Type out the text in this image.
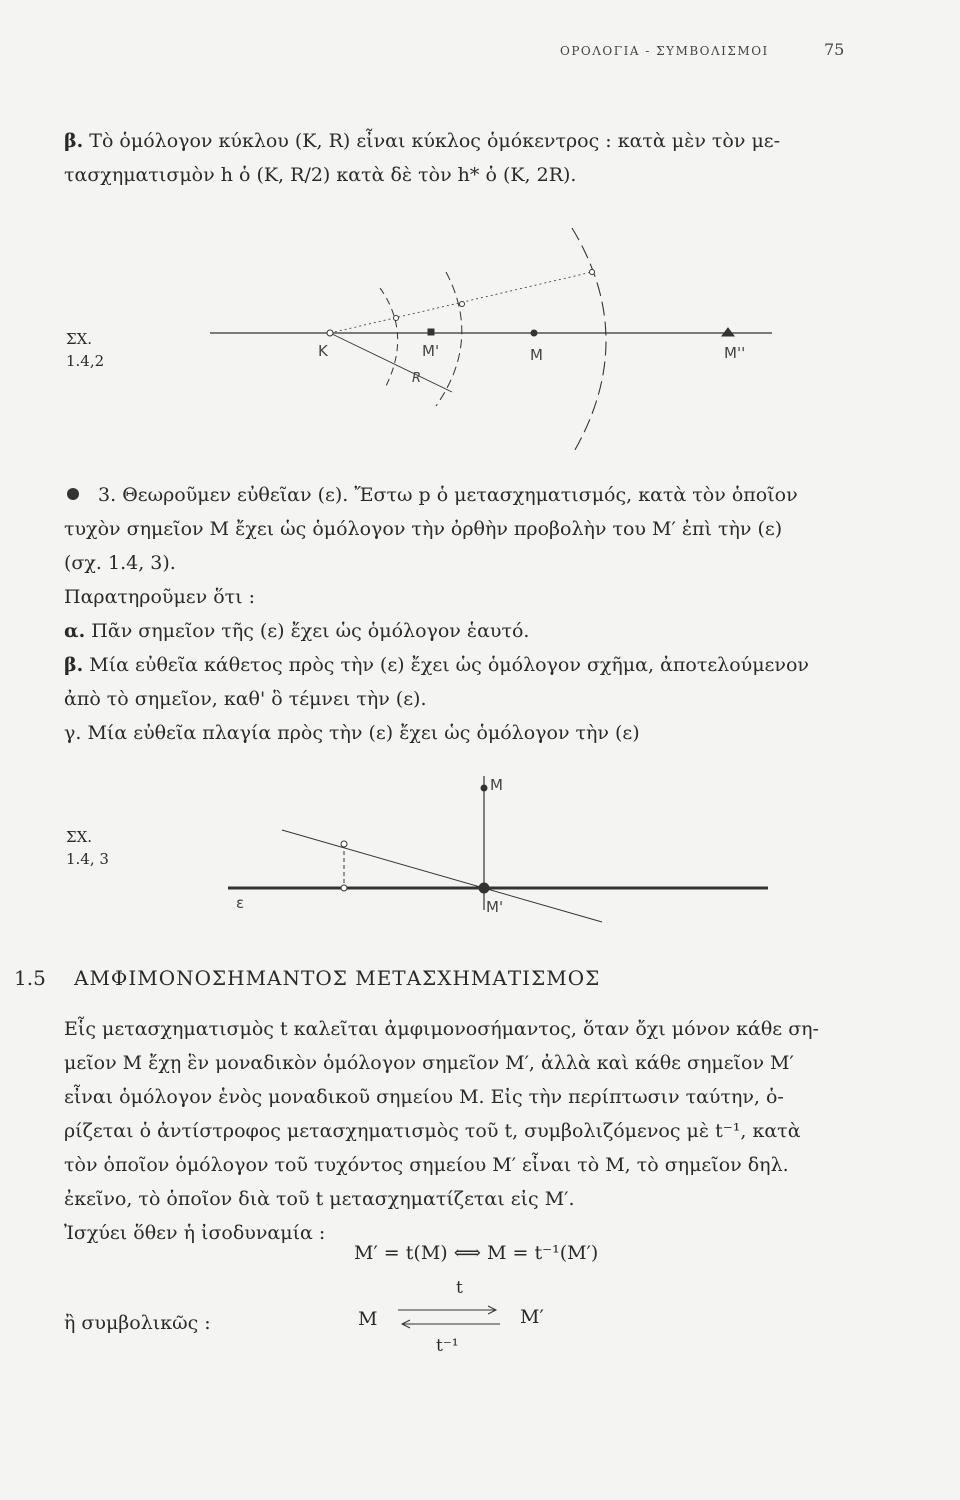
ΟΡΟΛΟΓΙΑ - ΣΥΜΒΟΛΙΣΜΟΙ	75
β. Τὸ ὁμόλογον κύκλου (Κ, R) εἶναι κύκλος ὁμόκεντρος : κατὰ μὲν τὸν με-
τασχηματισμὸν h ὁ (Κ, R/2) κατὰ δὲ τὸν h* ὁ (Κ, 2R).
ΣΧ.
1.4,2
K	M'	M	M''
R
3. Θεωροῦμεν εὐθεῖαν (ε). Ἔστω p ὁ μετασχηματισμός, κατὰ τὸν ὁποῖον
τυχὸν σημεῖον Μ ἔχει ὡς ὁμόλογον τὴν ὀρθὴν προβολὴν του Μ′ ἐπὶ τὴν (ε)
(σχ. 1.4, 3).
Παρατηροῦμεν ὅτι :
α. Πᾶν σημεῖον τῆς (ε) ἔχει ὡς ὁμόλογον ἑαυτό.
β. Μία εὐθεῖα κάθετος πρὸς τὴν (ε) ἔχει ὡς ὁμόλογον σχῆμα, ἀποτελούμενον
ἀπὸ τὸ σημεῖον, καθ' ὃ τέμνει τὴν (ε).
γ. Μία εὐθεῖα πλαγία πρὸς τὴν (ε) ἔχει ὡς ὁμόλογον τὴν (ε)
ΣΧ.
1.4, 3
ε
M
M'
1.5 ΑΜΦΙΜΟΝΟΣΗΜΑΝΤΟΣ ΜΕΤΑΣΧΗΜΑΤΙΣΜΟΣ
Εἷς μετασχηματισμὸς t καλεῖται ἀμφιμονοσήμαντος, ὅταν ὄχι μόνον κάθε ση-
μεῖον Μ ἔχῃ ἓν μοναδικὸν ὁμόλογον σημεῖον Μ′, ἀλλὰ καὶ κάθε σημεῖον Μ′
εἶναι ὁμόλογον ἑνὸς μοναδικοῦ σημείου Μ. Εἰς τὴν περίπτωσιν ταύτην, ὁ-
ρίζεται ὁ ἀντίστροφος μετασχηματισμὸς τοῦ t, συμβολιζόμενος μὲ t⁻¹, κατὰ
τὸν ὁποῖον ὁμόλογον τοῦ τυχόντος σημείου Μ′ εἶναι τὸ Μ, τὸ σημεῖον δηλ.
ἐκεῖνο, τὸ ὁποῖον διὰ τοῦ t μετασχηματίζεται εἰς Μ′.
Ἰσχύει ὅθεν ἡ ἰσοδυναμία :
Μ′ = t(Μ) ⟺ Μ = t⁻¹(Μ′)
ἢ συμβολικῶς :	M	M′
t
t⁻¹
